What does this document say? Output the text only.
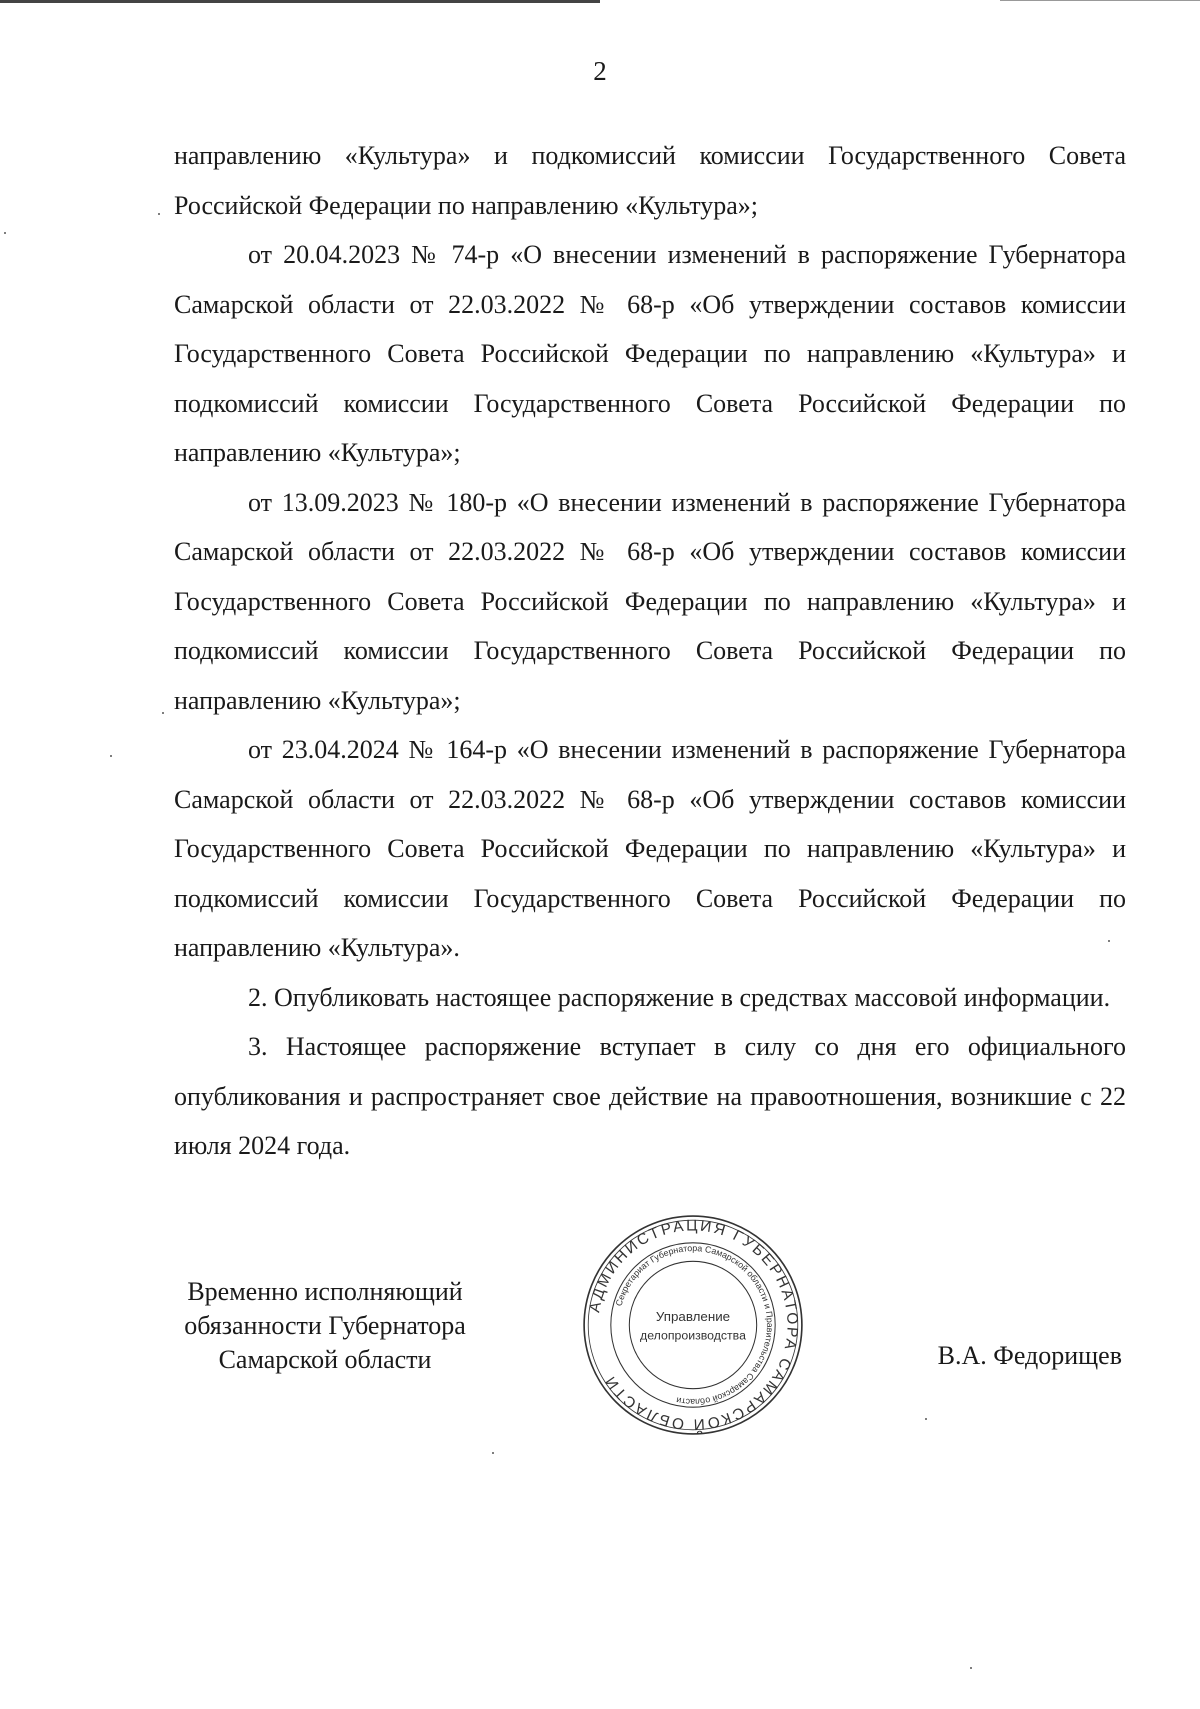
2

направлению «Культура» и подкомиссий комиссии Государственного Совета Российской Федерации по направлению «Культура»;

от 20.04.2023 № 74-р «О внесении изменений в распоряжение Губернатора Самарской области от 22.03.2022 № 68-р «Об утверждении составов комиссии Государственного Совета Российской Федерации по направлению «Культура» и подкомиссий комиссии Государственного Совета Российской Федерации по направлению «Культура»;

от 13.09.2023 № 180-р «О внесении изменений в распоряжение Губернатора Самарской области от 22.03.2022 № 68-р «Об утверждении составов комиссии Государственного Совета Российской Федерации по направлению «Культура» и подкомиссий комиссии Государственного Совета Российской Федерации по направлению «Культура»;

от 23.04.2024 № 164-р «О внесении изменений в распоряжение Губернатора Самарской области от 22.03.2022 № 68-р «Об утверждении составов комиссии Государственного Совета Российской Федерации по направлению «Культура» и подкомиссий комиссии Государственного Совета Российской Федерации по направлению «Культура».

2. Опубликовать настоящее распоряжение в средствах массовой информации.

3. Настоящее распоряжение вступает в силу со дня его официального опубликования и распространяет свое действие на правоотношения, возникшие с 22 июля 2024 года.

Временно исполняющий
обязанности Губернатора
Самарской области	В.А. Федорищев
АДМИНИСТРАЦИЯ ГУБЕРНАТОРА САМАРСКОЙ ОБЛАСТИ
Секретариат Губернатора Самарской области и Правительства Самарской области
Управление
делопроизводства
